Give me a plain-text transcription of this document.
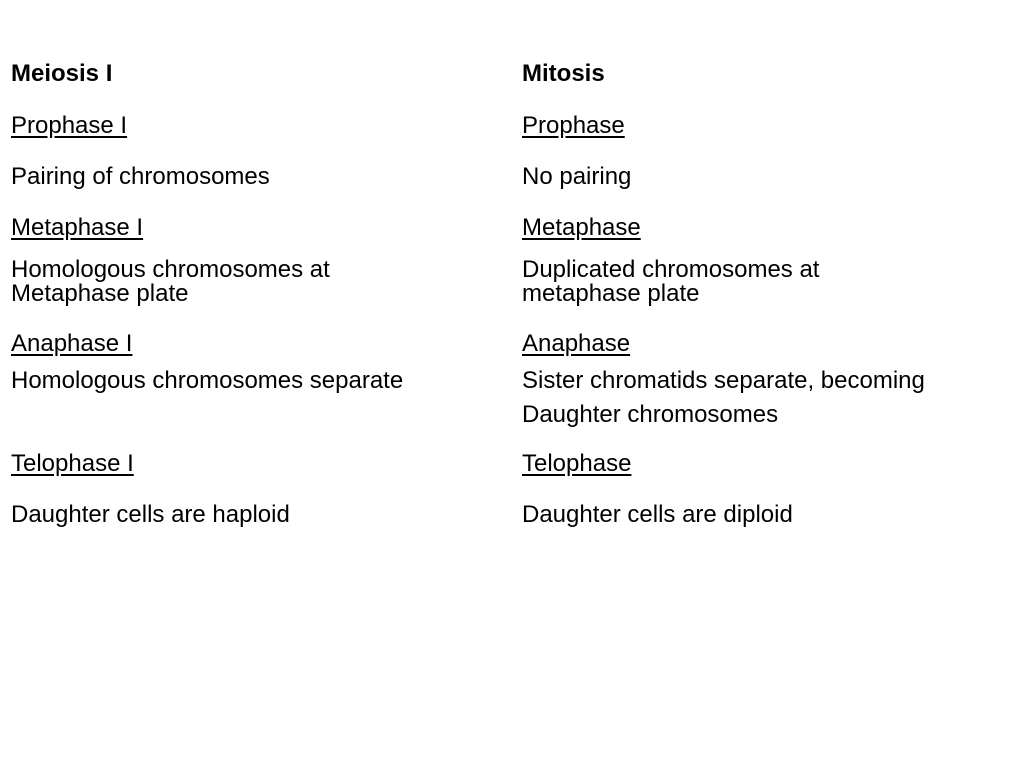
Meiosis I
Prophase I
Pairing of chromosomes
Metaphase I
Homologous chromosomes at
Metaphase plate
Anaphase I
Homologous chromosomes separate
Telophase I
Daughter cells are haploid
Mitosis
Prophase
No pairing
Metaphase
Duplicated chromosomes at
metaphase plate
Anaphase
Sister chromatids separate, becoming
Daughter chromosomes
Telophase
Daughter cells are diploid
